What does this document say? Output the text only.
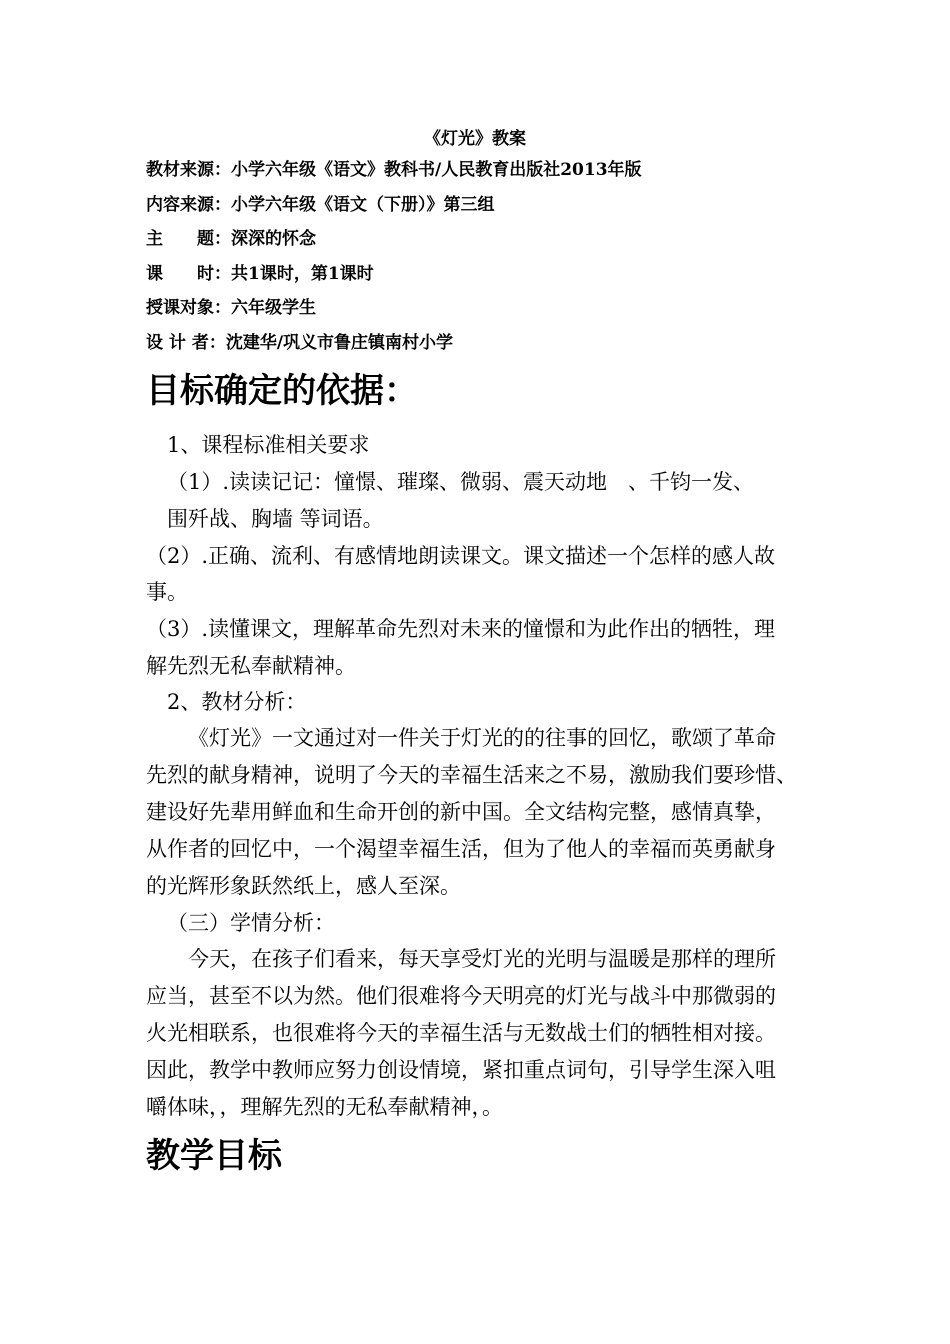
《灯光》教案
教材来源：小学六年级《语文》教科书/人民教育出版社2013年版
内容来源：小学六年级《语文（下册）》第三组
主　　题：深深的怀念
课　　时：共1课时，第1课时
授课对象：六年级学生
设 计 者：沈建华/巩义市鲁庄镇南村小学
目标确定的依据：
1、课程标准相关要求
（1）.读读记记：憧憬、璀璨、微弱、震天动地　、千钧一发、
围歼战、胸墙 等词语。
（2）.正确、流利、有感情地朗读课文。课文描述一个怎样的感人故
事。
（3）.读懂课文，理解革命先烈对未来的憧憬和为此作出的牺牲，理
解先烈无私奉献精神。
2、教材分析：
《灯光》一文通过对一件关于灯光的的往事的回忆，歌颂了革命
先烈的献身精神，说明了今天的幸福生活来之不易，激励我们要珍惜、
建设好先辈用鲜血和生命开创的新中国。全文结构完整，感情真挚，
从作者的回忆中，一个渴望幸福生活，但为了他人的幸福而英勇献身
的光辉形象跃然纸上，感人至深。
（三）学情分析：
今天，在孩子们看来，每天享受灯光的光明与温暖是那样的理所
应当，甚至不以为然。他们很难将今天明亮的灯光与战斗中那微弱的
火光相联系，也很难将今天的幸福生活与无数战士们的牺牲相对接。
因此，教学中教师应努力创设情境，紧扣重点词句，引导学生深入咀
嚼体味，，理解先烈的无私奉献精神，。
教学目标
